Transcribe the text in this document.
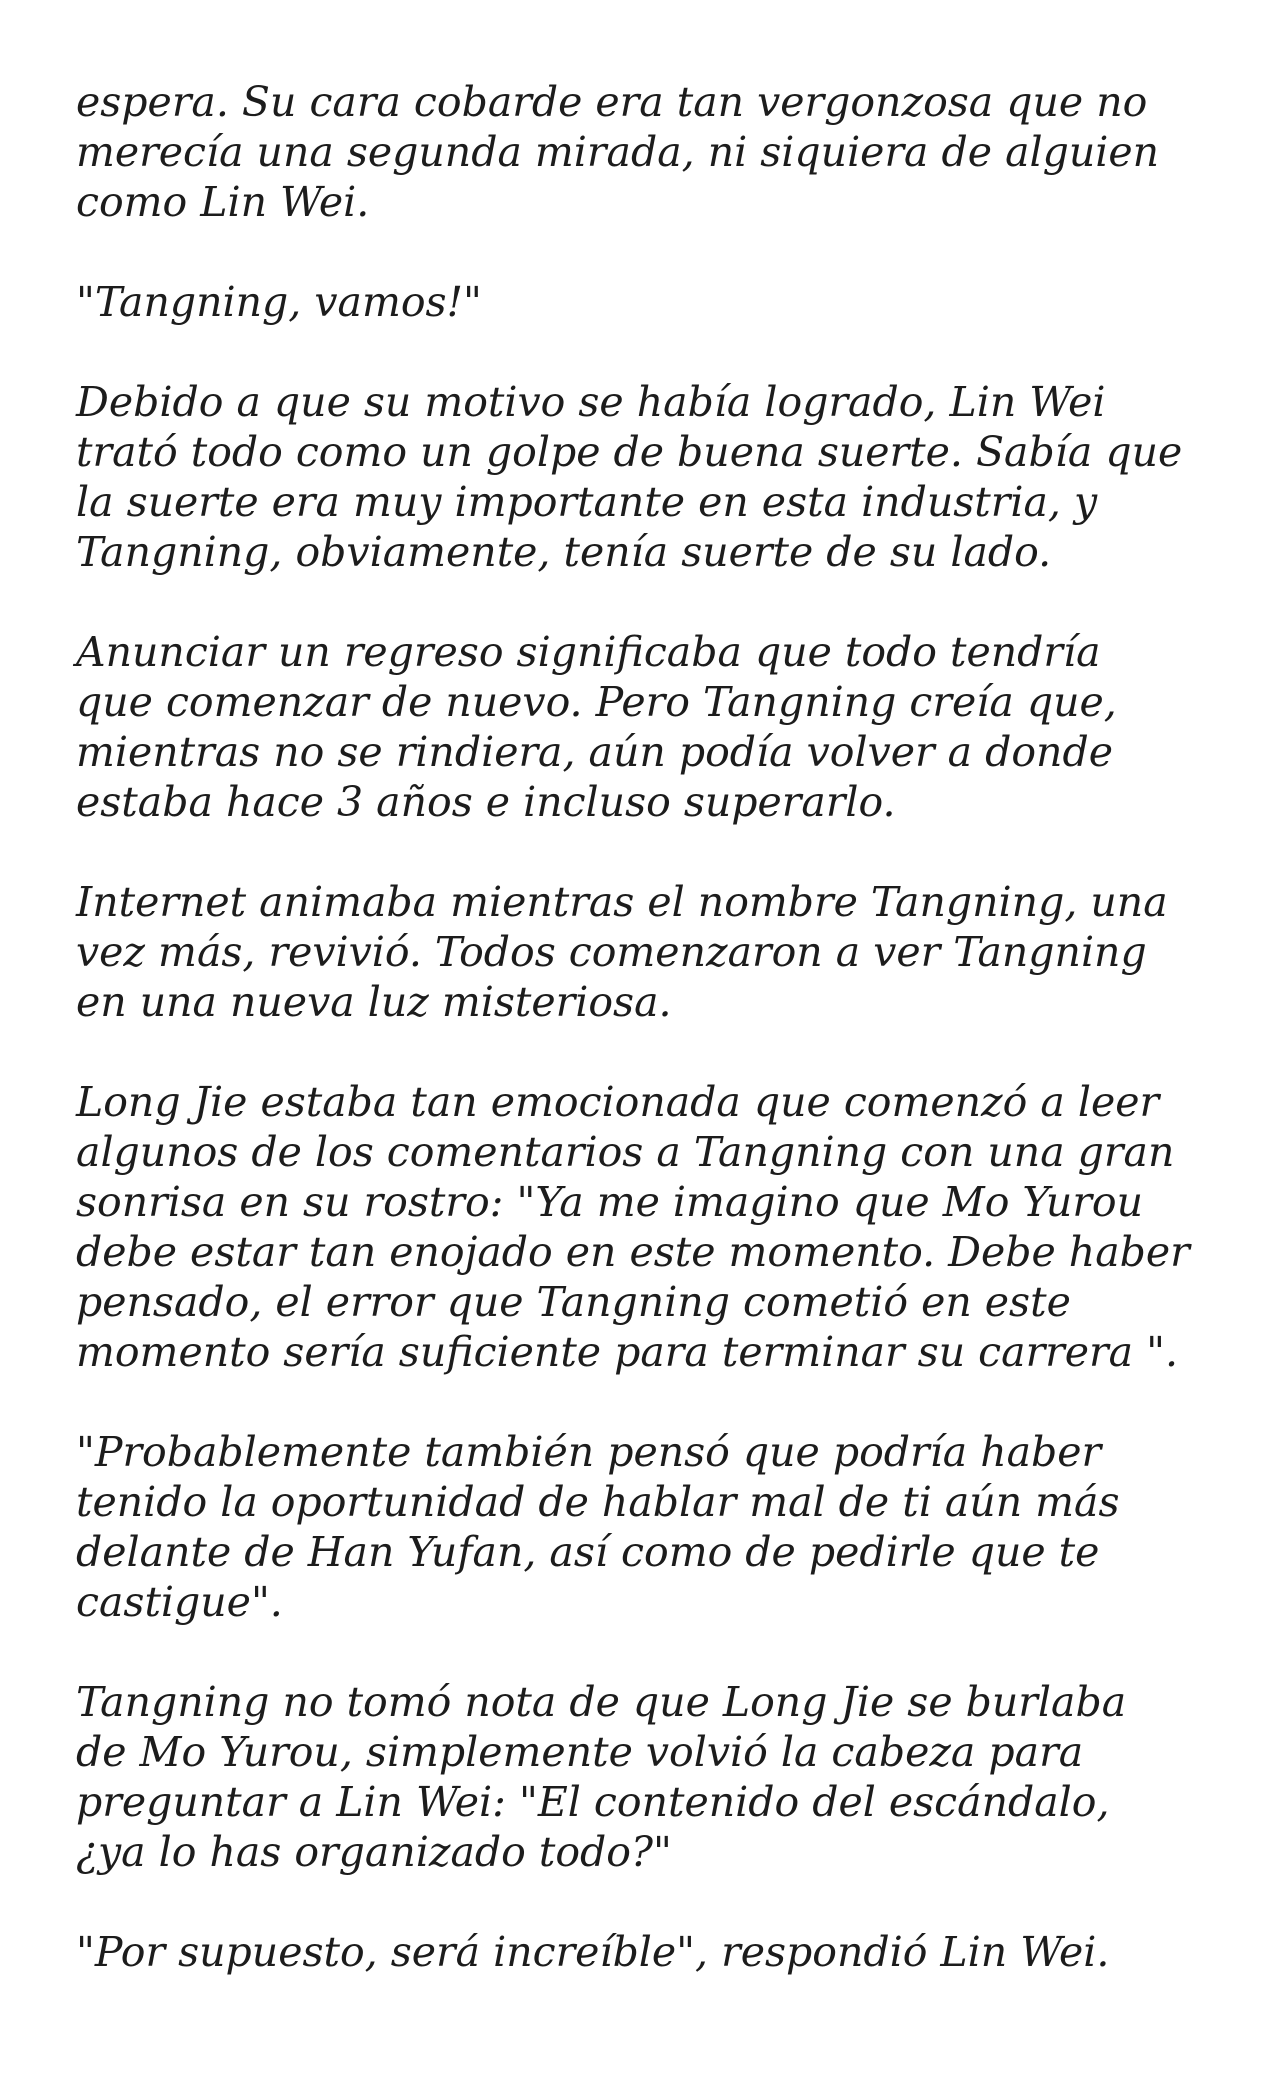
espera. Su cara cobarde era tan vergonzosa que no
merecía una segunda mirada, ni siquiera de alguien
como Lin Wei.

"Tangning, vamos!"

Debido a que su motivo se había logrado, Lin Wei
trató todo como un golpe de buena suerte. Sabía que
la suerte era muy importante en esta industria, y
Tangning, obviamente, tenía suerte de su lado.

Anunciar un regreso significaba que todo tendría
que comenzar de nuevo. Pero Tangning creía que,
mientras no se rindiera, aún podía volver a donde
estaba hace 3 años e incluso superarlo.

Internet animaba mientras el nombre Tangning, una
vez más, revivió. Todos comenzaron a ver Tangning
en una nueva luz misteriosa.

Long Jie estaba tan emocionada que comenzó a leer
algunos de los comentarios a Tangning con una gran
sonrisa en su rostro: "Ya me imagino que Mo Yurou
debe estar tan enojado en este momento. Debe haber
pensado, el error que Tangning cometió en este
momento sería suficiente para terminar su carrera ".

"Probablemente también pensó que podría haber
tenido la oportunidad de hablar mal de ti aún más
delante de Han Yufan, así como de pedirle que te
castigue".

Tangning no tomó nota de que Long Jie se burlaba
de Mo Yurou, simplemente volvió la cabeza para
preguntar a Lin Wei: "El contenido del escándalo,
¿ya lo has organizado todo?"

"Por supuesto, será increíble", respondió Lin Wei.
